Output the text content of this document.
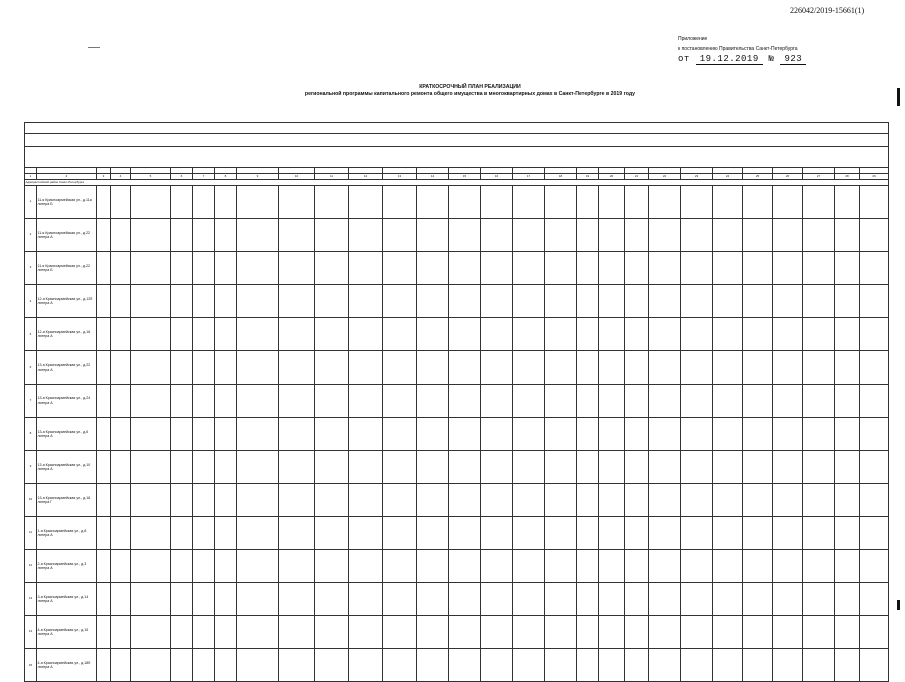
226042/2019-15661(1)
Приложение
к постановлению Правительства Санкт-Петербурга
от 19.12.2019 № 923
КРАТКОСРОЧНЫЙ ПЛАН РЕАЛИЗАЦИИ
региональной программы капитального ремонта общего имущества в многоквартирных домах в Санкт-Петербурге в 2019 году

1	2	3	4	5	6	7	8	9	10	11	12	13	14	15	16	17	18	19	20	21	22	23	24	25	26	27	28	29
Адмиралтейский район Санкт-Петербурга																												
1	11-я Красноармейская ул., д.11а литера Б																											
2	11-я Красноармейская ул., д.22 литера А																											
3	11-я Красноармейская ул., д.22 литера Б																											
4	12-я Красноармейская ул., д.12б литера А																											
5	12-я Красноармейская ул., д.16 литера А																											
6	13-я Красноармейская ул., д.22 литера А																											
7	13-я Красноармейская ул., д.24 литера А																											
8	13-я Красноармейская ул., д.6 литера А																											
9	13-я Красноармейская ул., д.10 литера А																											
10	13-я Красноармейская ул., д.18 литера Г																											
11	1-я Красноармейская ул., д.8 литера А																											
12	2-я Красноармейская ул., д.3 литера А																											
13	3-я Красноармейская ул., д.14 литера А																											
14	4-я Красноармейская ул., д.15 литера А																											
15	4-я Красноармейская ул., д.18б литера А																											
